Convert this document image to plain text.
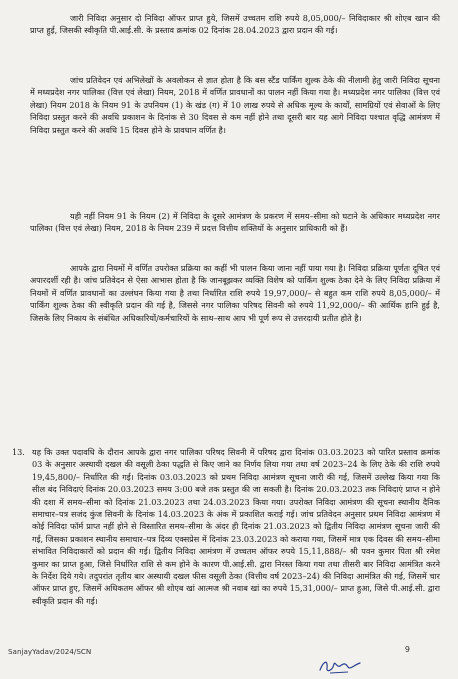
जारी निविदा अनुसार दो निविदा ऑफर प्राप्त हुये, जिसमें उच्चतम राशि रुपये 8,05,000/– निविदाकार श्री शोएब खान की प्राप्त हुई, जिसकी स्वीकृति पी.आई.सी. के प्रस्ताव क्रमांक 02 दिनांक 28.04.2023 द्वारा प्रदान की गई।

जांच प्रतिवेदन एवं अभिलेखों के अवलोकन से ज्ञात होता है कि बस स्टैंड पार्किंग शुल्क ठेके की नीलामी हेतु जारी निविदा सूचना में मध्यप्रदेश नगर पालिका (वित्त एवं लेखा) नियम, 2018 में वर्णित प्रावधानों का पालन नहीं किया गया है। मध्यप्रदेश नगर पालिका (वित्त एवं लेखा) नियम 2018 के नियम 91 के उपनियम (1) के खंड (ग) में 10 लाख रुपये से अधिक मूल्य के कार्यों, सामग्रियों एवं सेवाओं के लिए निविदा प्रस्तुत करने की अवधि प्रकाशन के दिनांक से 30 दिवस से कम नहीं होने तथा दूसरी बार यह आगे निविदा पश्चात वृद्धि आमंत्रण में निविदा प्रस्तुत करने की अवधि 15 दिवस होने के प्रावधान वर्णित है।

यही नहीं नियम 91 के नियम (2) में निविदा के दूसरे आमंत्रण के प्रकरण में समय–सीमा को घटाने के अधिकार मध्यप्रदेश नगर पालिका (वित्त एवं लेखा) नियम, 2018 के नियम 239 में प्रदत्त वित्तीय शक्तियों के अनुसार प्राधिकारी को हैं।

आपके द्वारा नियमों में वर्णित उपरोक्त प्रक्रिया का कहीं भी पालन किया जाना नहीं पाया गया है। निविदा प्रक्रिया पूर्णतः दूषित एवं अपारदर्शी रही है। जांच प्रतिवेदन से ऐसा आभास होता है कि जानबूझकर व्यक्ति विशेष को पार्किंग शुल्क ठेका देने के लिए निविदा प्रक्रिया में नियमों में वर्णित प्रावधानों का उल्लंघन किया गया है तथा निर्धारित राशि रुपये 19,97,000/– से बहुत कम राशि रुपये 8,05,000/– में पार्किंग शुल्क ठेका की स्वीकृति प्रदान की गई है, जिससे नगर पालिका परिषद सिवनी को रुपये 11,92,000/– की आर्थिक हानि हुई है, जिसके लिए निकाय के संबंधित अधिकारियों/कर्मचारियों के साथ–साथ आप भी पूर्ण रूप से उत्तरदायी प्रतीत होते है।

13. यह कि उक्त पदावधि के दौरान आपके द्वारा नगर पालिका परिषद सिवनी में परिषद द्वारा दिनांक 03.03.2023 को पारित प्रस्ताव क्रमांक 03 के अनुसार अस्थायी दखल की वसूली ठेका पद्धति से किए जाने का निर्णय लिया गया तथा वर्ष 2023–24 के लिए ठेके की राशि रुपये 19,45,800/– निर्धारित की गई। दिनांक 03.03.2023 को प्रथम निविदा आमंत्रण सूचना जारी की गई, जिसमें उल्लेख किया गया कि सील बंद निविदाएं दिनांक 20.03.2023 समय 3:00 बजे तक प्रस्तुत की जा सकती है। दिनांक 20.03.2023 तक निविदाएं प्राप्त न होने की दशा में समय–सीमा को दिनांक 21.03.2023 तथा 24.03.2023 किया गया। उपरोक्त निविदा आमंत्रण की सूचना स्थानीय दैनिक समाचार–पत्र सजंद कुंज सिवनी के दिनांक 14.03.2023 के अंक में प्रकाशित कराई गई। जांच प्रतिवेदन अनुसार प्रथम निविदा आमंत्रण में कोई निविदा फॉर्म प्राप्त नहीं होने से विस्तारित समय–सीमा के अंदर ही दिनांक 21.03.2023 को द्वितीय निविदा आमंत्रण सूचना जारी की गई, जिसका प्रकाशन स्थानीय समाचार–पत्र दिव्य एक्सप्रेस में दिनांक 23.03.2023 को कराया गया, जिसमें मात्र एक दिवस की समय–सीमा संभावित निविदाकारों को प्रदान की गई। द्वितीय निविदा आमंत्रण में उच्चतम ऑफर रुपये 15,11,888/– श्री पवन कुमार पिता श्री रमेश कुमार का प्राप्त हुआ, जिसे निर्धारित राशि से कम होने के कारण पी.आई.सी. द्वारा निरस्त किया गया तथा तीसरी बार निविदा आमंत्रित करने के निर्देश दिये गये। तदुपरांत तृतीय बार अस्थायी दखल फीस वसूली ठेका (वित्तीय वर्ष 2023–24) की निविदा आमंत्रित की गई, जिसमें चार ऑफर प्राप्त हुए, जिसमें अधिकतम ऑफर श्री शोएब खां आत्मज श्री नवाब खां का रुपये 15,31,000/– प्राप्त हुआ, जिसे पी.आई.सी. द्वारा स्वीकृति प्रदान की गई।
SanjayYadav/2024/SCN	9
